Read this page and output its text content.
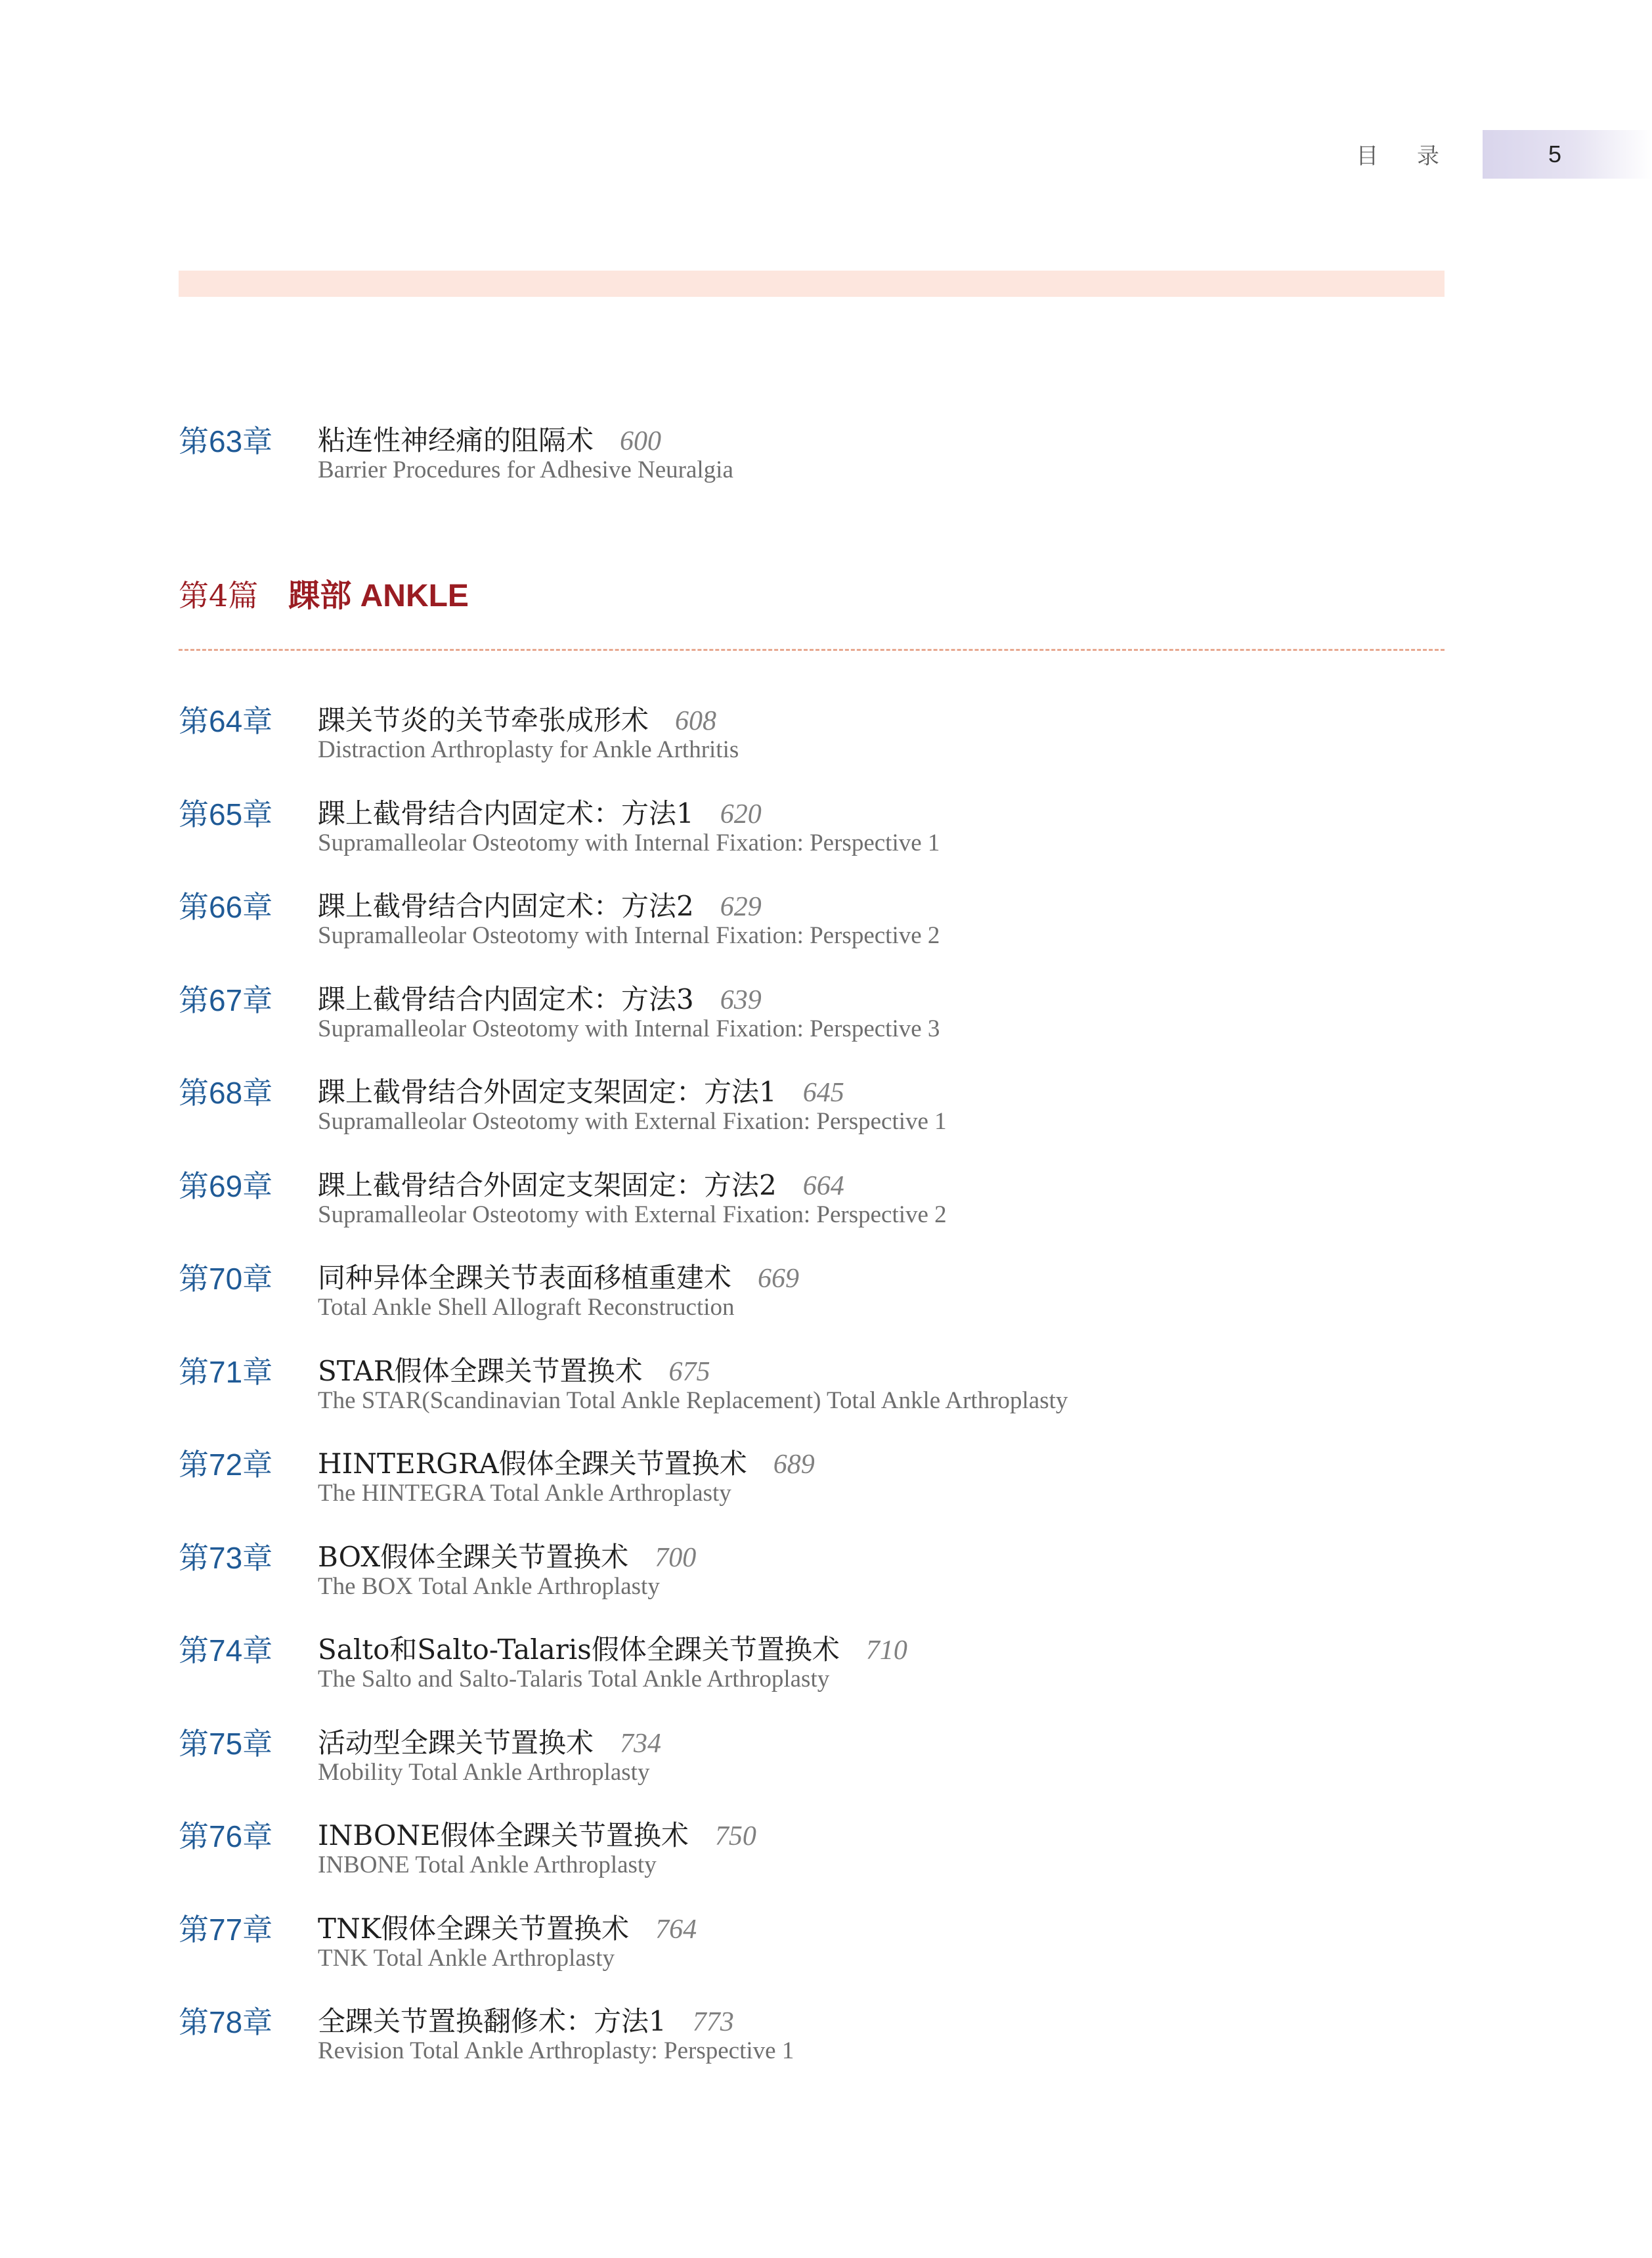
目 录	5
第63章 粘连性神经痛的阻隔术 600
Barrier Procedures for Adhesive Neuralgia
第4篇 踝部 ANKLE
第64章 踝关节炎的关节牵张成形术 608
Distraction Arthroplasty for Ankle Arthritis
第65章 踝上截骨结合内固定术：方法1 620
Supramalleolar Osteotomy with Internal Fixation: Perspective 1
第66章 踝上截骨结合内固定术：方法2 629
Supramalleolar Osteotomy with Internal Fixation: Perspective 2
第67章 踝上截骨结合内固定术：方法3 639
Supramalleolar Osteotomy with Internal Fixation: Perspective 3
第68章 踝上截骨结合外固定支架固定：方法1 645
Supramalleolar Osteotomy with External Fixation: Perspective 1
第69章 踝上截骨结合外固定支架固定：方法2 664
Supramalleolar Osteotomy with External Fixation: Perspective 2
第70章 同种异体全踝关节表面移植重建术 669
Total Ankle Shell Allograft Reconstruction
第71章 STAR假体全踝关节置换术 675
The STAR(Scandinavian Total Ankle Replacement) Total Ankle Arthroplasty
第72章 HINTERGRA假体全踝关节置换术 689
The HINTEGRA Total Ankle Arthroplasty
第73章 BOX假体全踝关节置换术 700
The BOX Total Ankle Arthroplasty
第74章 Salto和Salto-Talaris假体全踝关节置换术 710
The Salto and Salto-Talaris Total Ankle Arthroplasty
第75章 活动型全踝关节置换术 734
Mobility Total Ankle Arthroplasty
第76章 INBONE假体全踝关节置换术 750
INBONE Total Ankle Arthroplasty
第77章 TNK假体全踝关节置换术 764
TNK Total Ankle Arthroplasty
第78章 全踝关节置换翻修术：方法1 773
Revision Total Ankle Arthroplasty: Perspective 1
